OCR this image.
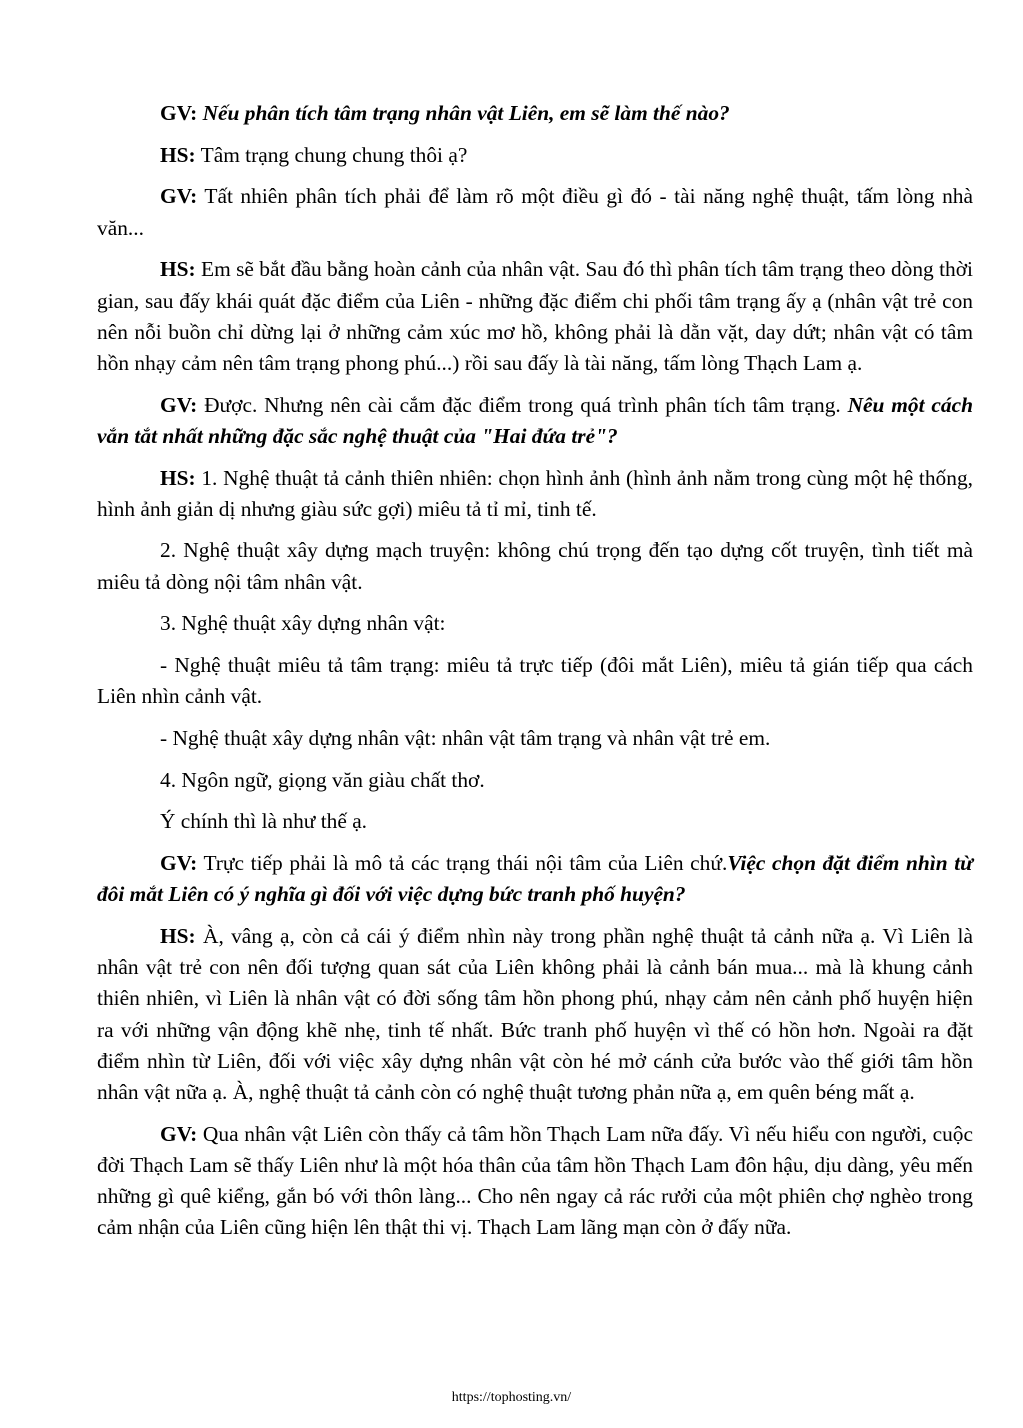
GV: Nếu phân tích tâm trạng nhân vật Liên, em sẽ làm thế nào?

HS: Tâm trạng chung chung thôi ạ?

GV: Tất nhiên phân tích phải để làm rõ một điều gì đó - tài năng nghệ thuật, tấm lòng nhà văn...

HS: Em sẽ bắt đầu bằng hoàn cảnh của nhân vật. Sau đó thì phân tích tâm trạng theo dòng thời gian, sau đấy khái quát đặc điểm của Liên - những đặc điểm chi phối tâm trạng ấy ạ (nhân vật trẻ con nên nỗi buồn chỉ dừng lại ở những cảm xúc mơ hồ, không phải là dằn vặt, day dứt; nhân vật có tâm hồn nhạy cảm nên tâm trạng phong phú...) rồi sau đấy là tài năng, tấm lòng Thạch Lam ạ.

GV: Được. Nhưng nên cài cắm đặc điểm trong quá trình phân tích tâm trạng. Nêu một cách vắn tắt nhất những đặc sắc nghệ thuật của "Hai đứa trẻ"?

HS: 1. Nghệ thuật tả cảnh thiên nhiên: chọn hình ảnh (hình ảnh nằm trong cùng một hệ thống, hình ảnh giản dị nhưng giàu sức gợi) miêu tả tỉ mỉ, tinh tế.

2. Nghệ thuật xây dựng mạch truyện: không chú trọng đến tạo dựng cốt truyện, tình tiết mà miêu tả dòng nội tâm nhân vật.

3. Nghệ thuật xây dựng nhân vật:

- Nghệ thuật miêu tả tâm trạng: miêu tả trực tiếp (đôi mắt Liên), miêu tả gián tiếp qua cách Liên nhìn cảnh vật.

- Nghệ thuật xây dựng nhân vật: nhân vật tâm trạng và nhân vật trẻ em.

4. Ngôn ngữ, giọng văn giàu chất thơ.

Ý chính thì là như thế ạ.

GV: Trực tiếp phải là mô tả các trạng thái nội tâm của Liên chứ.Việc chọn đặt điểm nhìn từ đôi mắt Liên có ý nghĩa gì đối với việc dựng bức tranh phố huyện?

HS: À, vâng ạ, còn cả cái ý điểm nhìn này trong phần nghệ thuật tả cảnh nữa ạ. Vì Liên là nhân vật trẻ con nên đối tượng quan sát của Liên không phải là cảnh bán mua... mà là khung cảnh thiên nhiên, vì Liên là nhân vật có đời sống tâm hồn phong phú, nhạy cảm nên cảnh phố huyện hiện ra với những vận động khẽ nhẹ, tinh tế nhất. Bức tranh phố huyện vì thế có hồn hơn. Ngoài ra đặt điểm nhìn từ Liên, đối với việc xây dựng nhân vật còn hé mở cánh cửa bước vào thế giới tâm hồn nhân vật nữa ạ. À, nghệ thuật tả cảnh còn có nghệ thuật tương phản nữa ạ, em quên béng mất ạ.

GV: Qua nhân vật Liên còn thấy cả tâm hồn Thạch Lam nữa đấy. Vì nếu hiểu con người, cuộc đời Thạch Lam sẽ thấy Liên như là một hóa thân của tâm hồn Thạch Lam đôn hậu, dịu dàng, yêu mến những gì quê kiểng, gắn bó với thôn làng... Cho nên ngay cả rác rưởi của một phiên chợ nghèo trong cảm nhận của Liên cũng hiện lên thật thi vị. Thạch Lam lãng mạn còn ở đấy nữa.

https://tophosting.vn/
